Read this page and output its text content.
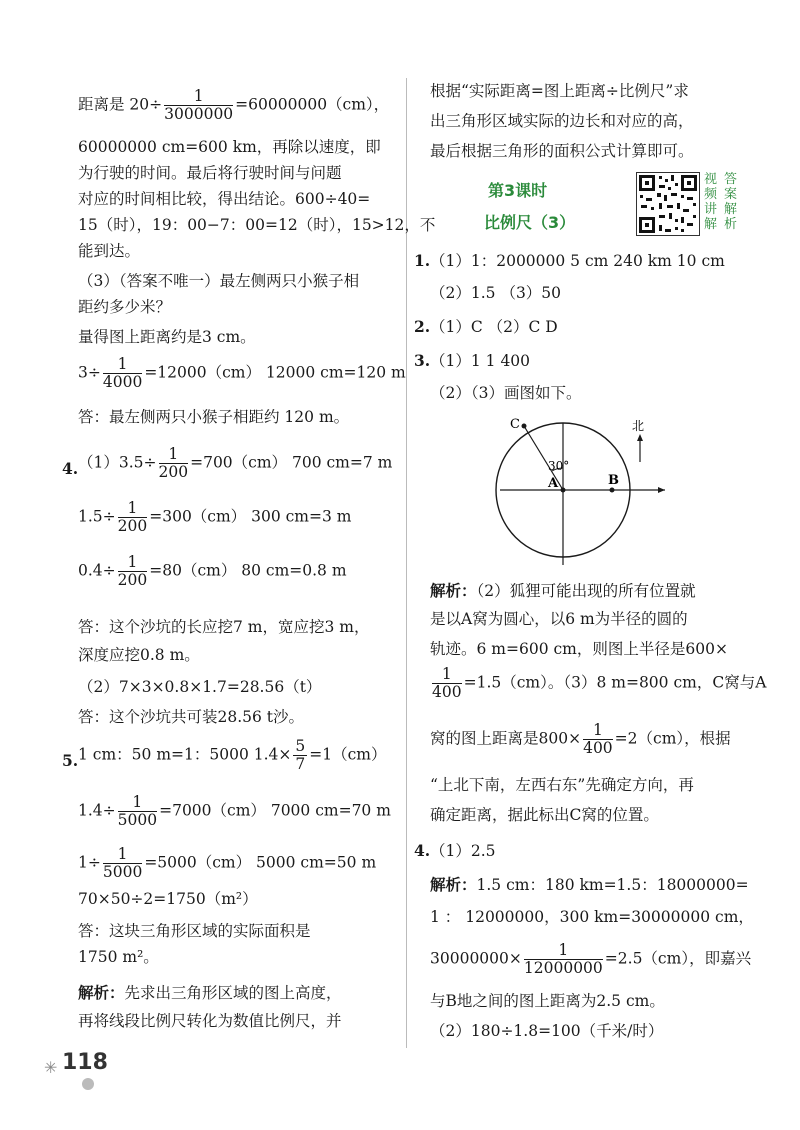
距离是 $20\div \frac{1}{3000000} =60000000(cm)$，
60000000 cm=600 km，再除以速度，即
为行驶的时间。最后将行驶时间与问题
对应的时间相比较，得出结论。600÷40=
15（时），19：00−7：00=12（时），15>12，不
能到达。
（3）（答案不唯一）最左侧两只小猴子相
距约多少米？
量得图上距离约是3 cm。
$3\div \frac{1}{4000} =12000(cm)$ 12000 cm=120 m
答：最左侧两只小猴子相距约 120 m。
4. $(1)3.5\div \frac{1}{200} =700(cm)$ 700 cm=7 m
$1.5\div \frac{1}{200} =300(cm)$ 300 cm=3 m
$0.4\div \frac{1}{200} =80(cm)$ 80 cm=0.8 m
答：这个沙坑的长应挖7 m，宽应挖3 m，
深度应挖0.8 m。
（2）7×3×0.8×1.7=28.56（t）
答：这个沙坑共可装28.56 t沙。
5. 1 cm：50 m=1：5000 $1.4\times \frac{5}{7} =1(cm)$
$1.4\div \frac{1}{5000} =7000(cm)$ 7000 cm=70 m
$1\div \frac{1}{5000} =5000(cm)$ 5000 cm=50 m
70×50÷2=1750（m²）
答：这块三角形区域的实际面积是
1750 m²。
解析：先求出三角形区域的图上高度，
再将线段比例尺转化为数值比例尺，并
根据“实际距离=图上距离÷比例尺”求
出三角形区域实际的边长和对应的高，
最后根据三角形的面积公式计算即可。
第3课时
比例尺（3）
1. （1）1：2000000 5 cm 240 km 10 cm
（2）1.5 （3）50
2. （1）C （2）C D
3. （1）1 1 400
（2）（3）画图如下。
解析：（2）狐狸可能出现的所有位置就
是以A窝为圆心，以6 m为半径的圆的
轨迹。6 m=600 cm，则图上半径是600×
$\frac{1}{400} =1.5(cm)$。（3）8 m=800 cm，C窝与A
窝的图上距离是$800\times \frac{1}{400} =2(cm)$，根据
“上北下南，左西右东”先确定方向，再
确定距离，据此标出C窝的位置。
4. （1）2.5
解析：1.5 cm：180 km=1.5：18000000=
1 ： 12000000，300 km=30000000 cm，
$30000000\times \frac{1}{12000000} =2.5(cm)$，即嘉兴
与B地之间的图上距离为2.5 cm。
（2）180÷1.8=100（千米/时）
视 答
频 案
讲 解
解 析
C
A	B
30°
北
✳ 118
